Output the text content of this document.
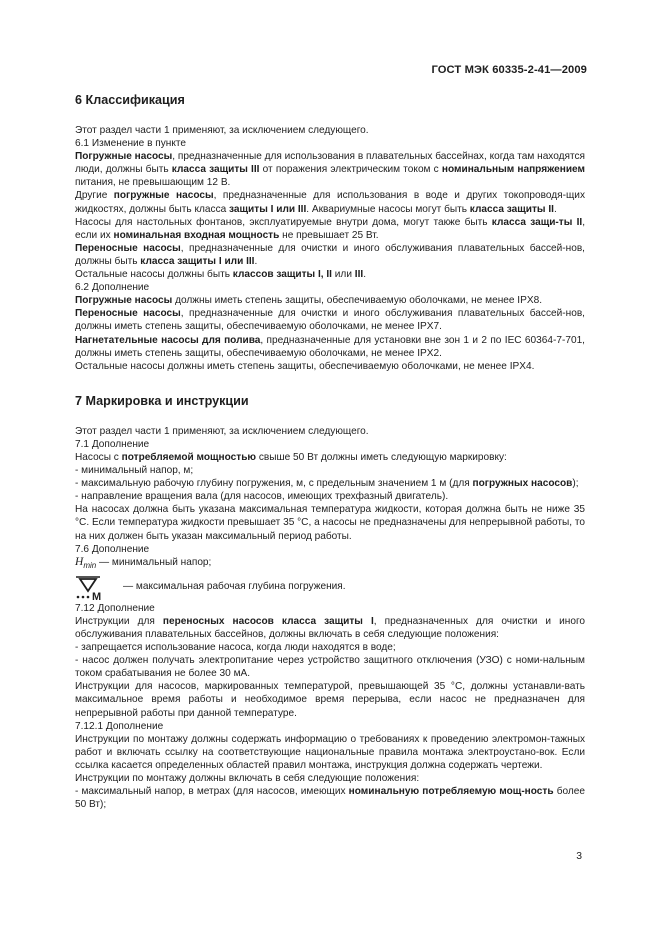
ГОСТ МЭК 60335-2-41—2009
6 Классификация

Этот раздел части 1 применяют, за исключением следующего.

6.1 Изменение в пункте

Погружные насосы, предназначенные для использования в плавательных бассейнах, когда там находятся люди, должны быть класса защиты III от поражения электрическим током с номинальным напряжением питания, не превышающим 12 В.

Другие погружные насосы, предназначенные для использования в воде и других токопроводя-щих жидкостях, должны быть класса защиты I или III. Аквариумные насосы могут быть класса защиты II.

Насосы для настольных фонтанов, эксплуатируемые внутри дома, могут также быть класса защи-ты II, если их номинальная входная мощность не превышает 25 Вт.

Переносные насосы, предназначенные для очистки и иного обслуживания плавательных бассей-нов, должны быть класса защиты I или III.

Остальные насосы должны быть классов защиты I, II или III.

6.2 Дополнение

Погружные насосы должны иметь степень защиты, обеспечиваемую оболочками, не менее IPX8.

Переносные насосы, предназначенные для очистки и иного обслуживания плавательных бассей-нов, должны иметь степень защиты, обеспечиваемую оболочками, не менее IPX7.

Нагнетательные насосы для полива, предназначенные для установки вне зон 1 и 2 по IEC 60364-7-701, должны иметь степень защиты, обеспечиваемую оболочками, не менее IPX2.

Остальные насосы должны иметь степень защиты, обеспечиваемую оболочками, не менее IPX4.

7 Маркировка и инструкции

Этот раздел части 1 применяют, за исключением следующего.

7.1 Дополнение

Насосы с потребляемой мощностью свыше 50 Вт должны иметь следующую маркировку:

- минимальный напор, м;

- максимальную рабочую глубину погружения, м, с предельным значением 1 м (для погружных насосов);

- направление вращения вала (для насосов, имеющих трехфазный двигатель).

На насосах должна быть указана максимальная температура жидкости, которая должна быть не ниже 35 °С. Если температура жидкости превышает 35 °С, а насосы не предназначены для непрерывной работы, то на них должен быть указан максимальный период работы.

7.6 Дополнение

$H_{min}$ — минимальный напор;

М
— максимальная рабочая глубина погружения.

7.12 Дополнение

Инструкции для переносных насосов класса защиты I, предназначенных для очистки и иного обслуживания плавательных бассейнов, должны включать в себя следующие положения:

- запрещается использование насоса, когда люди находятся в воде;

- насос должен получать электропитание через устройство защитного отключения (УЗО) с номи-нальным током срабатывания не более 30 мА.

Инструкции для насосов, маркированных температурой, превышающей 35 °С, должны устанавли-вать максимальное время работы и необходимое время перерыва, если насос не предназначен для непрерывной работы при данной температуре.

7.12.1 Дополнение

Инструкции по монтажу должны содержать информацию о требованиях к проведению электромон-тажных работ и включать ссылку на соответствующие национальные правила монтажа электроустано-вок. Если ссылка касается определенных областей правил монтажа, инструкция должна содержать чертежи.

Инструкции по монтажу должны включать в себя следующие положения:

- максимальный напор, в метрах (для насосов, имеющих номинальную потребляемую мощ-ность более 50 Вт);

3
